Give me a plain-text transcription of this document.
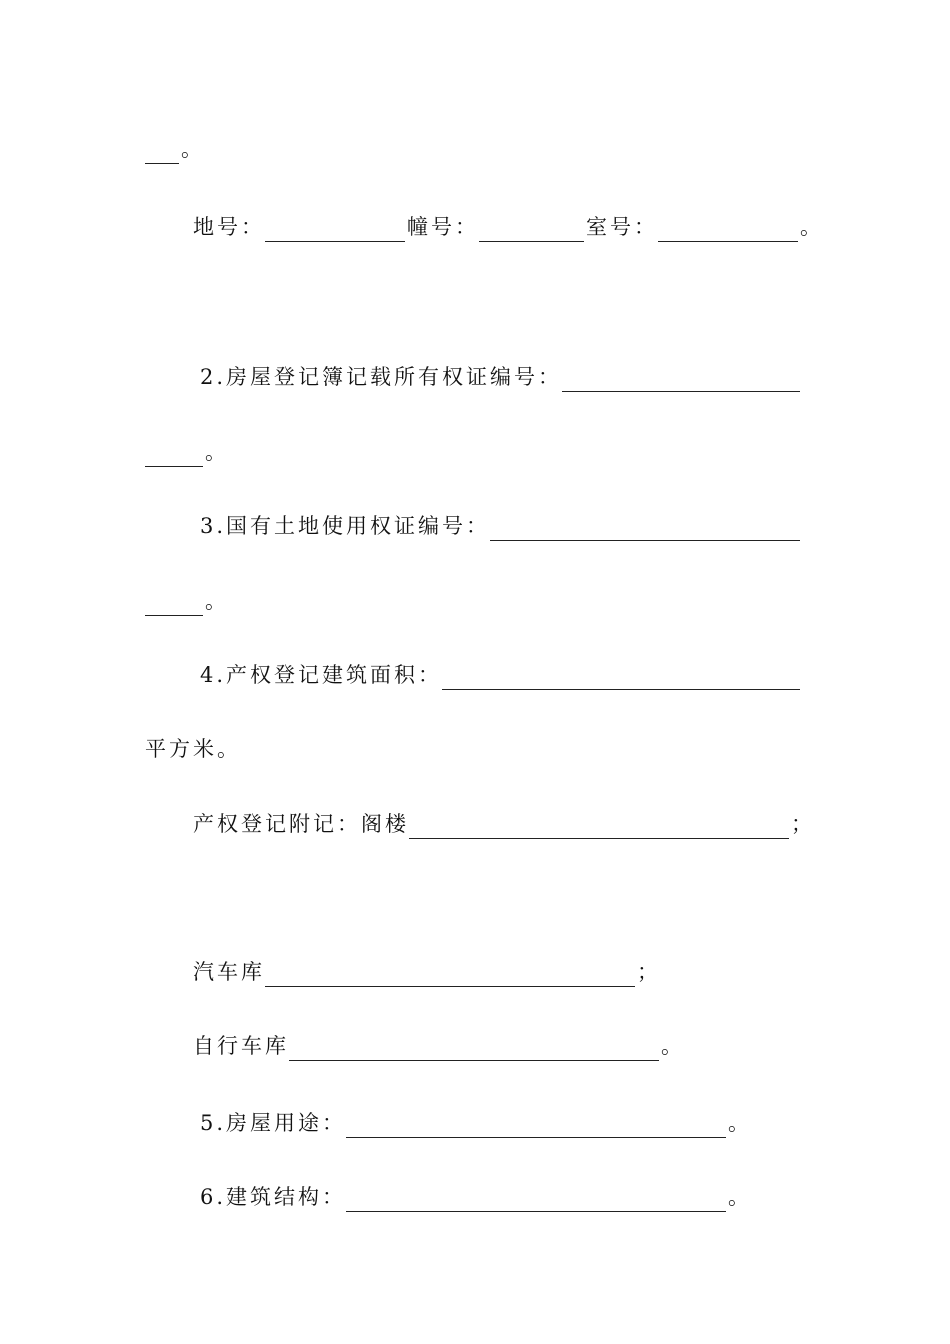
。
地号：	幢号：	室号：	。
2.房屋登记簿记载所有权证编号：
。
3.国有土地使用权证编号：
。
4.产权登记建筑面积：
平方米。
产权登记附记：阁楼	；
汽车库	；
自行车库	。
5.房屋用途：	。
6.建筑结构：	。
